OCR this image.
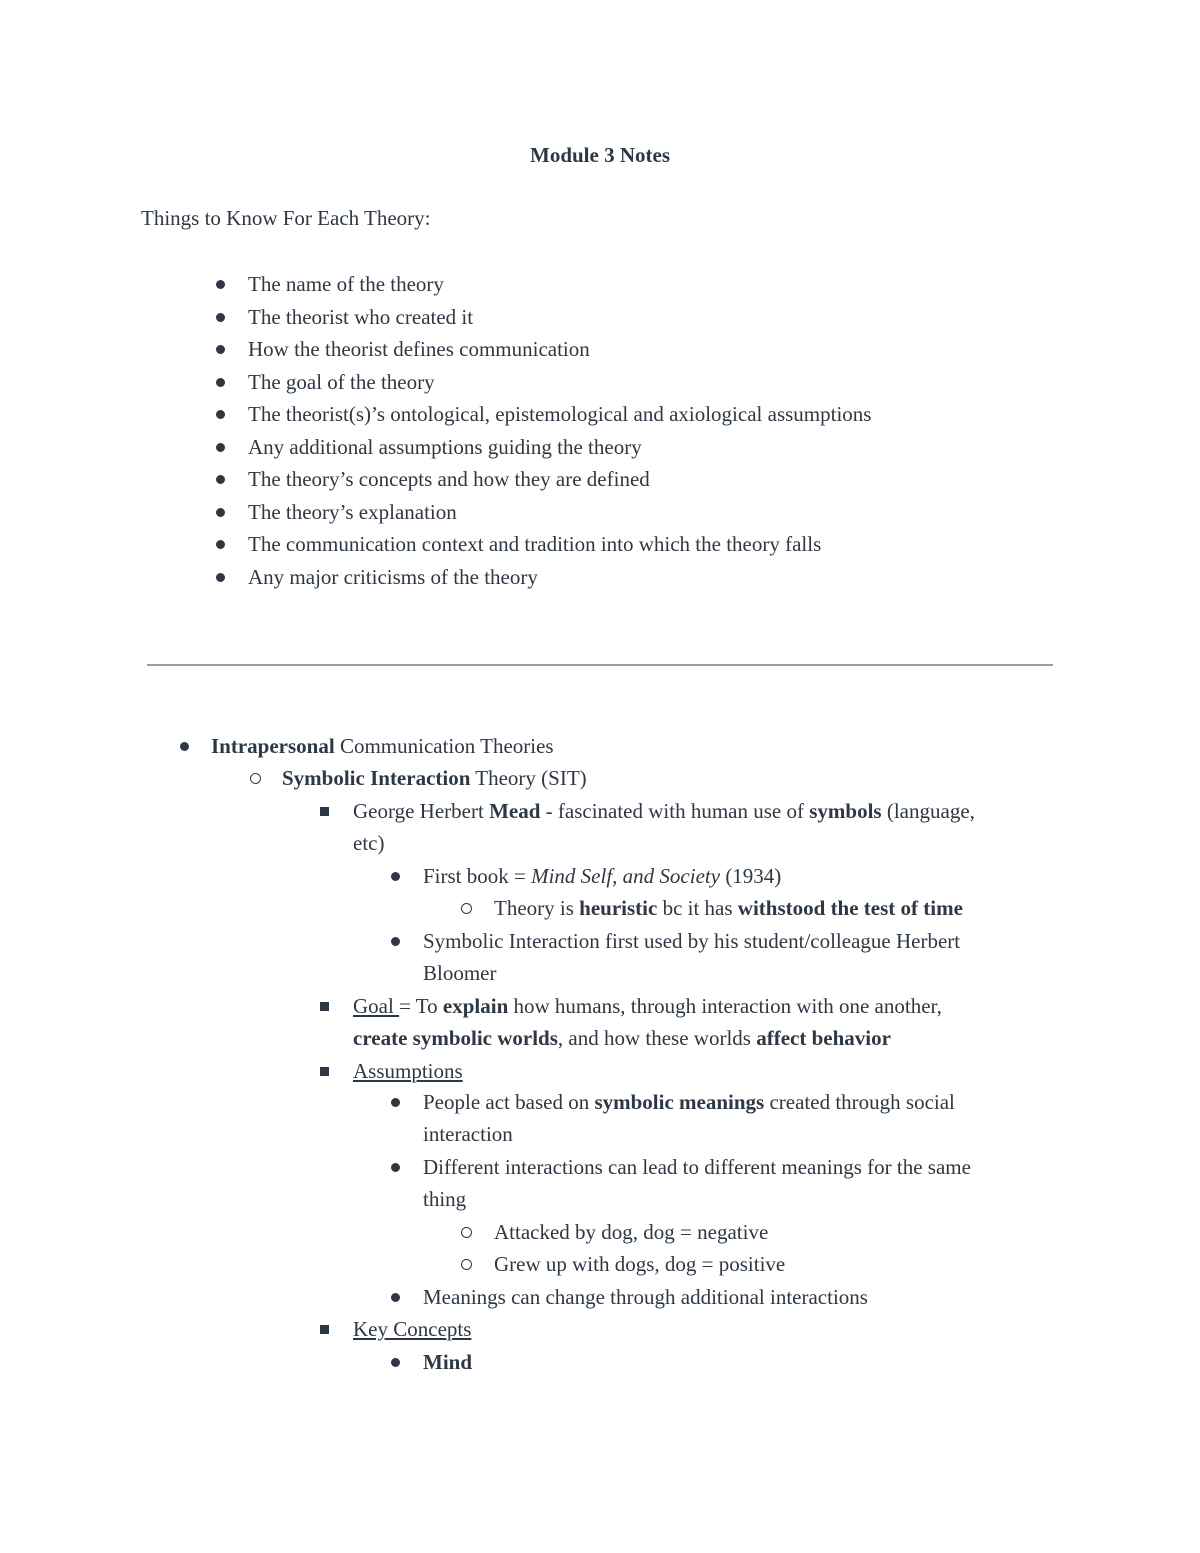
Module 3 Notes
Things to Know For Each Theory:
The name of the theory
The theorist who created it
How the theorist defines communication
The goal of the theory
The theorist(s)’s ontological, epistemological and axiological assumptions
Any additional assumptions guiding the theory
The theory’s concepts and how they are defined
The theory’s explanation
The communication context and tradition into which the theory falls
Any major criticisms of the theory
Intrapersonal Communication Theories
Symbolic Interaction Theory (SIT)
George Herbert Mead - fascinated with human use of symbols (language,
etc)
First book = Mind Self, and Society (1934)
Theory is heuristic bc it has withstood the test of time
Symbolic Interaction first used by his student/colleague Herbert
Bloomer
Goal = To explain how humans, through interaction with one another,
create symbolic worlds, and how these worlds affect behavior
Assumptions
People act based on symbolic meanings created through social
interaction
Different interactions can lead to different meanings for the same
thing
Attacked by dog, dog = negative
Grew up with dogs, dog = positive
Meanings can change through additional interactions
Key Concepts
Mind
